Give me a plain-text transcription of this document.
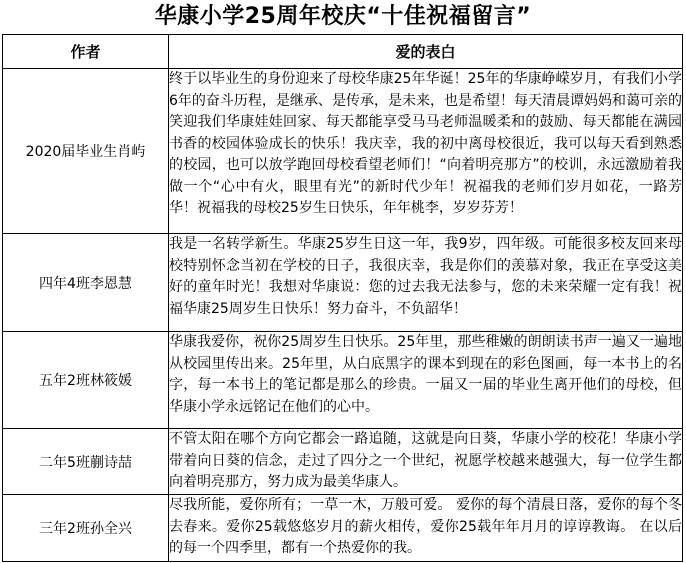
华康小学25周年校庆“十佳祝福留言”
作者	爱的表白
2020届毕业生肖屿	终于以毕业生的身份迎来了母校华康25年华诞！25年的华康峥嵘岁月，有我们小学6年的奋斗历程，是继承、是传承，是未来，也是希望！每天清晨谭妈妈和蔼可亲的笑迎我们华康娃娃回家、每天都能享受马马老师温暖柔和的鼓励、每天都能在满园书香的校园体验成长的快乐！我庆幸，我的初中离母校很近，我可以每天看到熟悉的校园，也可以放学跑回母校看望老师们！“向着明亮那方”的校训，永远激励着我做一个“心中有火，眼里有光”的新时代少年！祝福我的老师们岁月如花，一路芳华！祝福我的母校25岁生日快乐，年年桃李，岁岁芬芳！

四年4班李恩慧	我是一名转学新生。华康25岁生日这一年，我9岁，四年级。可能很多校友回来母校特别怀念当初在学校的日子，我很庆幸，我是你们的羡慕对象，我正在享受这美好的童年时光！我想对华康说：您的过去我无法参与，您的未来荣耀一定有我！祝福华康25周岁生日快乐！努力奋斗，不负韶华！

五年2班林筱媛	华康我爱你，祝你25周岁生日快乐。25年里，那些稚嫩的朗朗读书声一遍又一遍地从校园里传出来。25年里，从白底黑字的课本到现在的彩色图画，每一本书上的名字，每一本书上的笔记都是那么的珍贵。一届又一届的毕业生离开他们的母校，但华康小学永远铭记在他们的心中。

二年5班蒯诗喆	不管太阳在哪个方向它都会一路追随，这就是向日葵，华康小学的校花！华康小学带着向日葵的信念，走过了四分之一个世纪，祝愿学校越来越强大，每一位学生都向着明亮那方，努力成为最美华康人。

三年2班孙全兴	尽我所能，爱你所有；一草一木，万般可爱。 爱你的每个清晨日落，爱你的每个冬去春来。爱你25载悠悠岁月的薪火相传，爱你25载年年月月的谆谆教诲。 在以后的每一个四季里，都有一个热爱你的我。
